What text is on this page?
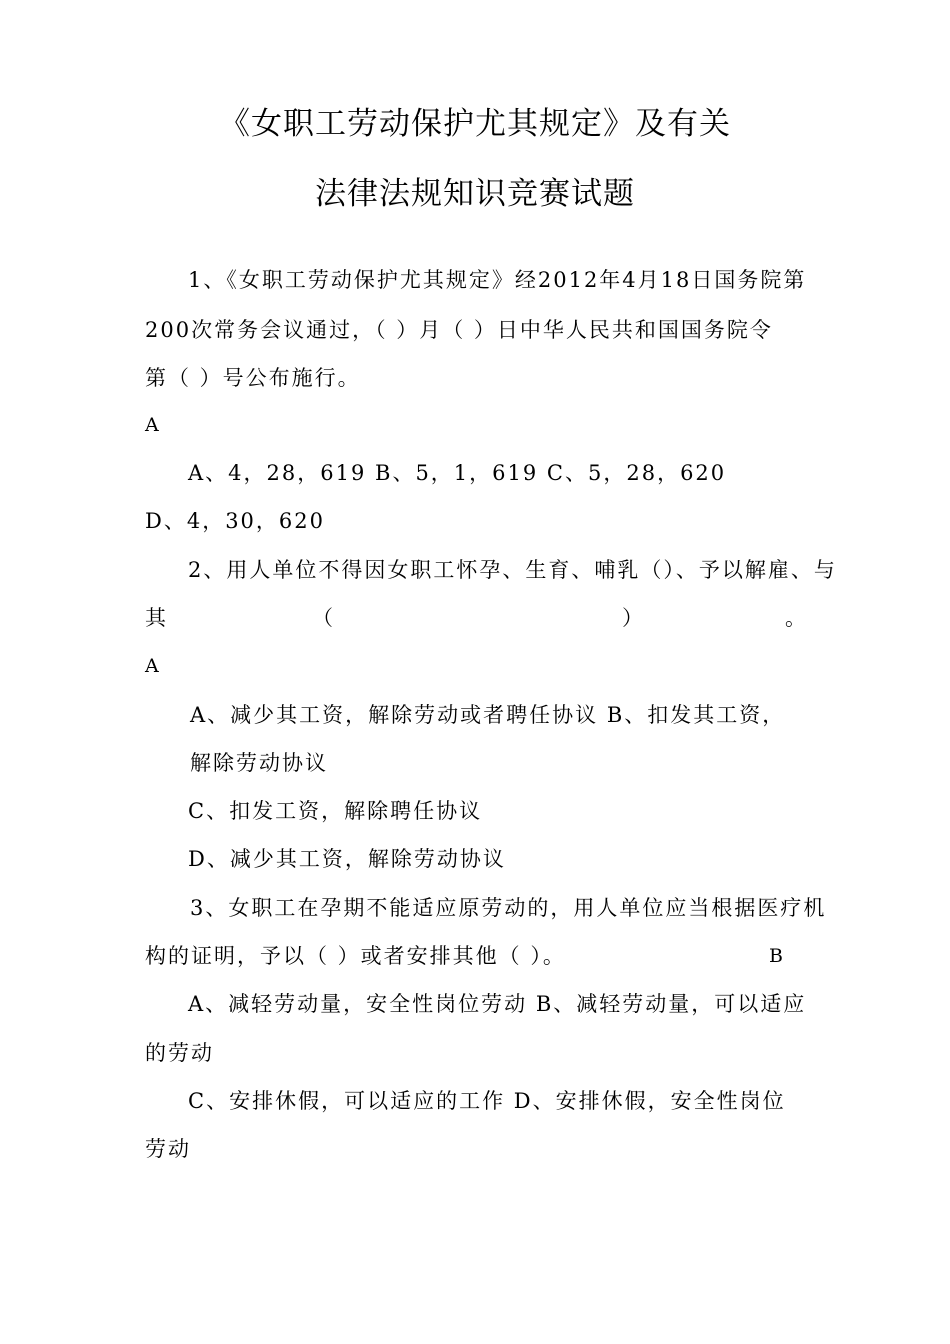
《女职工劳动保护尤其规定》及有关
法律法规知识竞赛试题
1、《女职工劳动保护尤其规定》经2012年4月18日国务院第
200次常务会议通过，（ ）月（ ）日中华人民共和国国务院令
第（ ）号公布施行。
A
A、4，28，619 B、5，1，619 C、5，28，620
D、4，30，620
2、用人单位不得因女职工怀孕、生育、哺乳（）、予以解雇、与
其	（	）	。
A
A、减少其工资，解除劳动或者聘任协议 B、扣发其工资，
解除劳动协议
C、扣发工资，解除聘任协议
D、减少其工资，解除劳动协议
3、女职工在孕期不能适应原劳动的，用人单位应当根据医疗机
构的证明，予以（ ）或者安排其他（ ）。	B
A、减轻劳动量，安全性岗位劳动 B、减轻劳动量，可以适应
的劳动
C、安排休假，可以适应的工作 D、安排休假，安全性岗位
劳动
